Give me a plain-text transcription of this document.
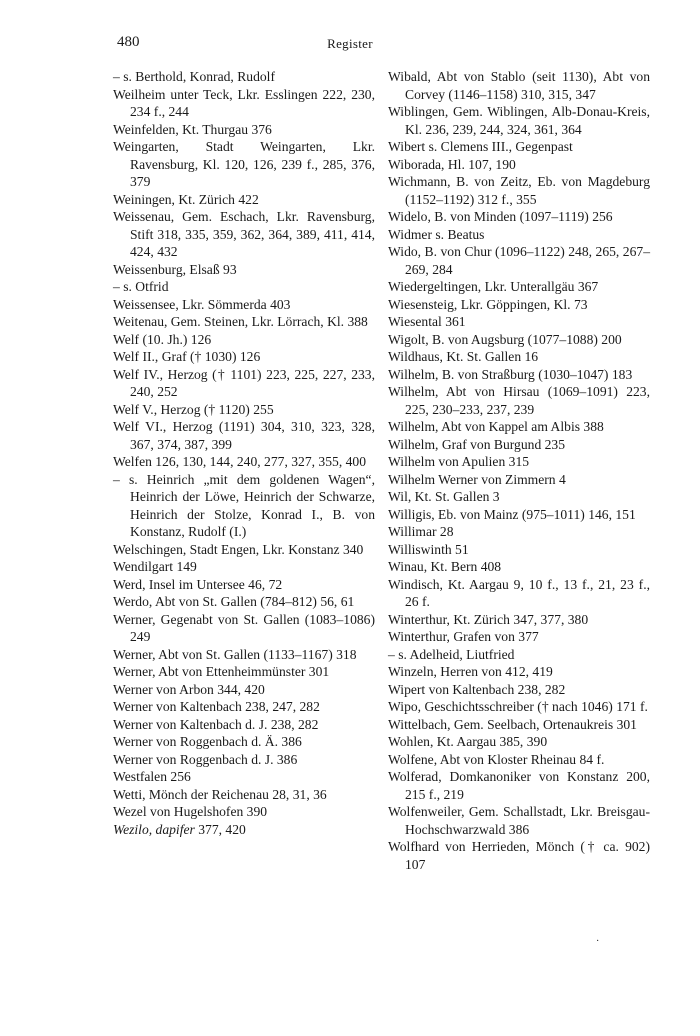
480	Register
– s. Berthold, Konrad, Rudolf
Weilheim unter Teck, Lkr. Esslingen 222, 230, 234 f., 244
Weinfelden, Kt. Thurgau 376
Weingarten, Stadt Weingarten, Lkr. Ravensburg, Kl. 120, 126, 239 f., 285, 376, 379
Weiningen, Kt. Zürich 422
Weissenau, Gem. Eschach, Lkr. Ravensburg, Stift 318, 335, 359, 362, 364, 389, 411, 414, 424, 432
Weissenburg, Elsaß 93
– s. Otfrid
Weissensee, Lkr. Sömmerda 403
Weitenau, Gem. Steinen, Lkr. Lörrach, Kl. 388
Welf (10. Jh.) 126
Welf II., Graf († 1030) 126
Welf IV., Herzog († 1101) 223, 225, 227, 233, 240, 252
Welf V., Herzog († 1120) 255
Welf VI., Herzog (1191) 304, 310, 323, 328, 367, 374, 387, 399
Welfen 126, 130, 144, 240, 277, 327, 355, 400
– s. Heinrich „mit dem goldenen Wagen“, Heinrich der Löwe, Heinrich der Schwarze, Heinrich der Stolze, Konrad I., B. von Konstanz, Rudolf (I.)
Welschingen, Stadt Engen, Lkr. Konstanz 340
Wendilgart 149
Werd, Insel im Untersee 46, 72
Werdo, Abt von St. Gallen (784–812) 56, 61
Werner, Gegenabt von St. Gallen (1083–1086) 249
Werner, Abt von St. Gallen (1133–1167) 318
Werner, Abt von Ettenheimmünster 301
Werner von Arbon 344, 420
Werner von Kaltenbach 238, 247, 282
Werner von Kaltenbach d. J. 238, 282
Werner von Roggenbach d. Ä. 386
Werner von Roggenbach d. J. 386
Westfalen 256
Wetti, Mönch der Reichenau 28, 31, 36
Wezel von Hugelshofen 390
Wezilo, dapifer 377, 420
Wibald, Abt von Stablo (seit 1130), Abt von Corvey (1146–1158) 310, 315, 347
Wiblingen, Gem. Wiblingen, Alb-Donau-Kreis, Kl. 236, 239, 244, 324, 361, 364
Wibert s. Clemens III., Gegenpast
Wiborada, Hl. 107, 190
Wichmann, B. von Zeitz, Eb. von Magdeburg (1152–1192) 312 f., 355
Widelo, B. von Minden (1097–1119) 256
Widmer s. Beatus
Wido, B. von Chur (1096–1122) 248, 265, 267–269, 284
Wiedergeltingen, Lkr. Unterallgäu 367
Wiesensteig, Lkr. Göppingen, Kl. 73
Wiesental 361
Wigolt, B. von Augsburg (1077–1088) 200
Wildhaus, Kt. St. Gallen 16
Wilhelm, B. von Straßburg (1030–1047) 183
Wilhelm, Abt von Hirsau (1069–1091) 223, 225, 230–233, 237, 239
Wilhelm, Abt von Kappel am Albis 388
Wilhelm, Graf von Burgund 235
Wilhelm von Apulien 315
Wilhelm Werner von Zimmern 4
Wil, Kt. St. Gallen 3
Willigis, Eb. von Mainz (975–1011) 146, 151
Willimar 28
Williswinth 51
Winau, Kt. Bern 408
Windisch, Kt. Aargau 9, 10 f., 13 f., 21, 23 f., 26 f.
Winterthur, Kt. Zürich 347, 377, 380
Winterthur, Grafen von 377
– s. Adelheid, Liutfried
Winzeln, Herren von 412, 419
Wipert von Kaltenbach 238, 282
Wipo, Geschichtsschreiber († nach 1046) 171 f.
Wittelbach, Gem. Seelbach, Ortenaukreis 301
Wohlen, Kt. Aargau 385, 390
Wolfene, Abt von Kloster Rheinau 84 f.
Wolferad, Domkanoniker von Konstanz 200, 215 f., 219
Wolfenweiler, Gem. Schallstadt, Lkr. Breisgau-Hochschwarzwald 386
Wolfhard von Herrieden, Mönch († ca. 902) 107
·
